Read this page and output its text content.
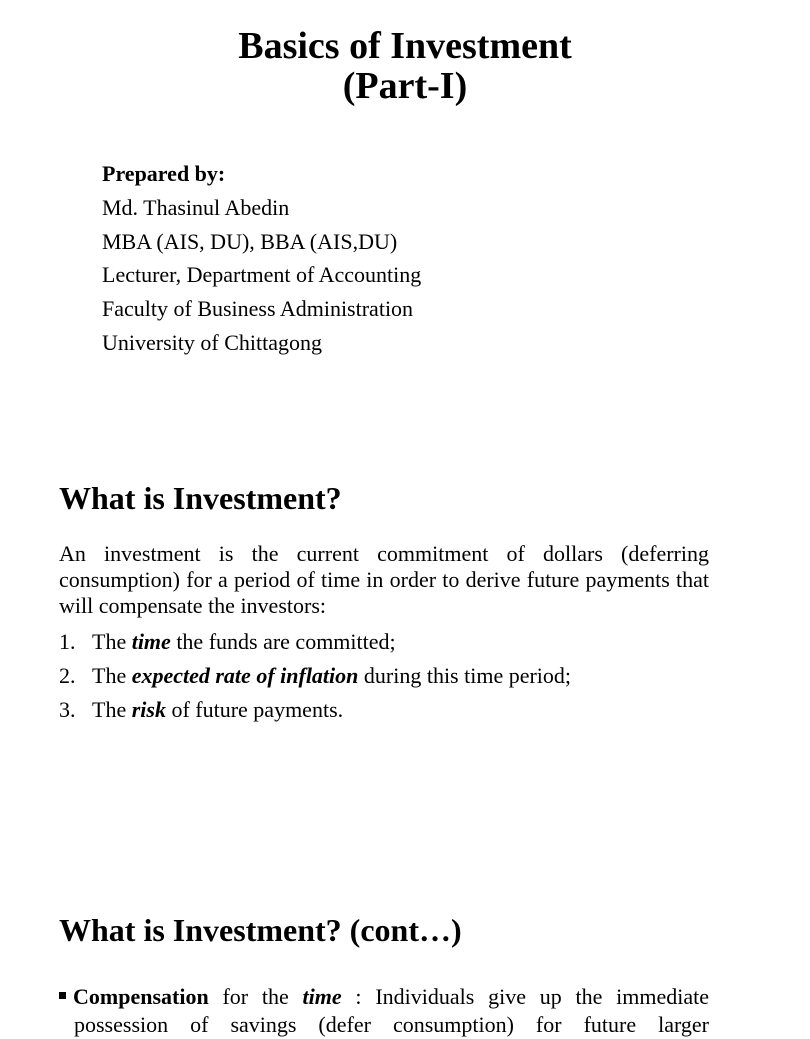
Basics of Investment
(Part-I)
Prepared by:
Md. Thasinul Abedin
MBA (AIS, DU), BBA (AIS,DU)
Lecturer, Department of Accounting
Faculty of Business Administration
University of Chittagong
What is Investment?
An investment is the current commitment of dollars (deferring consumption) for a period of time in order to derive future payments that will compensate the investors:
1. The time the funds are committed;
2. The expected rate of inflation during this time period;
3. The risk of future payments.
What is Investment? (cont…)
Compensation for the time : Individuals give up the immediate
possession of savings (defer consumption) for future larger
